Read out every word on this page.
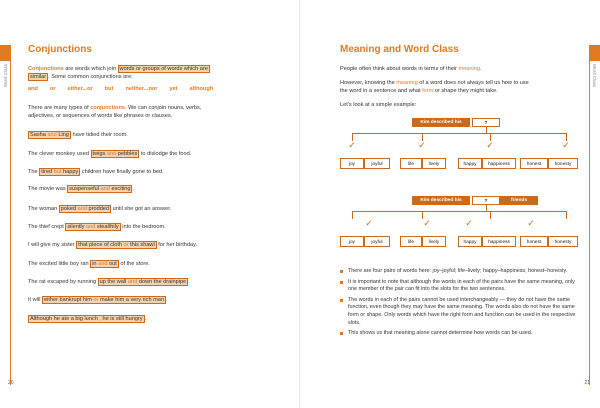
Word Class
Conjunctions
Conjunctions are words which join words or groups of words which are
similar . Some common conjunctions are:
and or either...or but neither...nor yet although
There are many types of conjunctions. We can conjoin nouns, verbs,
adjectives, or sequences of words like phrases or clauses.
Sasha and Ling have tidied their room.
The clever monkey used twigs and pebbles to dislodge the food.
The tired but happy children have finally gone to bed.
The movie was suspenseful and exciting .
The woman poked and prodded until she got an answer.
The thief crept silently and stealthily into the bedroom.
I will give my sister that piece of cloth or this shawl for her birthday.
The excited little boy ran in and out of the store.
The rat escaped by running up the wall and down the drainpipe .
It will either bankrupt him or make him a very rich man .
Although he ate a big lunch , he is still hungry .
20
Word Class
Meaning and Word Class
People often think about words in terms of their meaning.
However, knowing the meaning of a word does not always tell us how to use
the word in a sentence and what form or shape they might take.
Let's look at a simple example:
Kim described his	?
✓	✓	✓	✓
joy	joyful	life	lively	happy	happiness	honest	honesty
Kim described his	?	friends
✓	✓	✓	✓
joy	joyful	life	lively	happy	happiness	honest	honesty
There are four pairs of words here: joy–joyful; life–lively; happy–happiness; honest–honesty.
It is important to note that although the words in each of the pairs have the same meaning, only one member of the pair can fit into the slots for the two sentences.
The words in each of the pairs cannot be used interchangeably — they do not have the same function, even though they may have the same meaning. The words also do not have the same form or shape. Only words which have the right form and function can be used in the respective slots.
This shows us that meaning alone cannot determine how words can be used.
21
